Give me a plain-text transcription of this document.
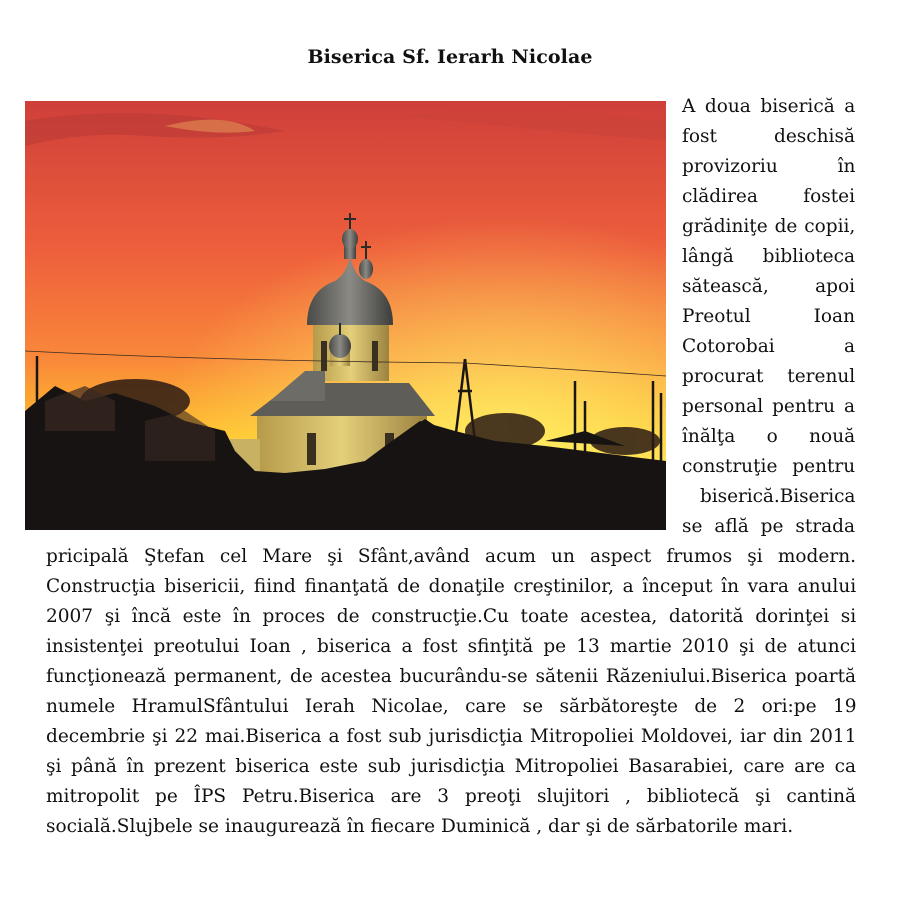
Biserica Sf. Ierarh Nicolae
A doua biserică a
fost deschisă
provizoriu în
clădirea fostei
grădiniţe de copii,
lângă biblioteca
sătească, apoi
Preotul Ioan
Cotorobai a
procurat terenul
personal pentru a
înălţa o nouă
construţie pentru
biserică.Biserica
se află pe strada
pricipală Ştefan cel Mare şi Sfânt,având acum un aspect frumos şi modern.
Construcţia bisericii, fiind finanţată de donaţile creştinilor, a început în vara anului
2007 şi încă este în proces de construcţie.Cu toate acestea, datorită dorinţei si
insistenţei preotului Ioan , biserica a fost sfinţită pe 13 martie 2010 şi de atunci
funcţionează permanent, de acestea bucurându-se sătenii Răzeniului.Biserica poartă
numele HramulSfântului Ierah Nicolae, care se sărbătoreşte de 2 ori:pe 19
decembrie şi 22 mai.Biserica a fost sub jurisdicţia Mitropoliei Moldovei, iar din 2011
şi până în prezent biserica este sub jurisdicţia Mitropoliei Basarabiei, care are ca
mitropolit pe ÎPS Petru.Biserica are 3 preoţi slujitori , bibliotecă şi cantină
socială.Slujbele se inaugurează în fiecare Duminică , dar şi de sărbatorile mari.
